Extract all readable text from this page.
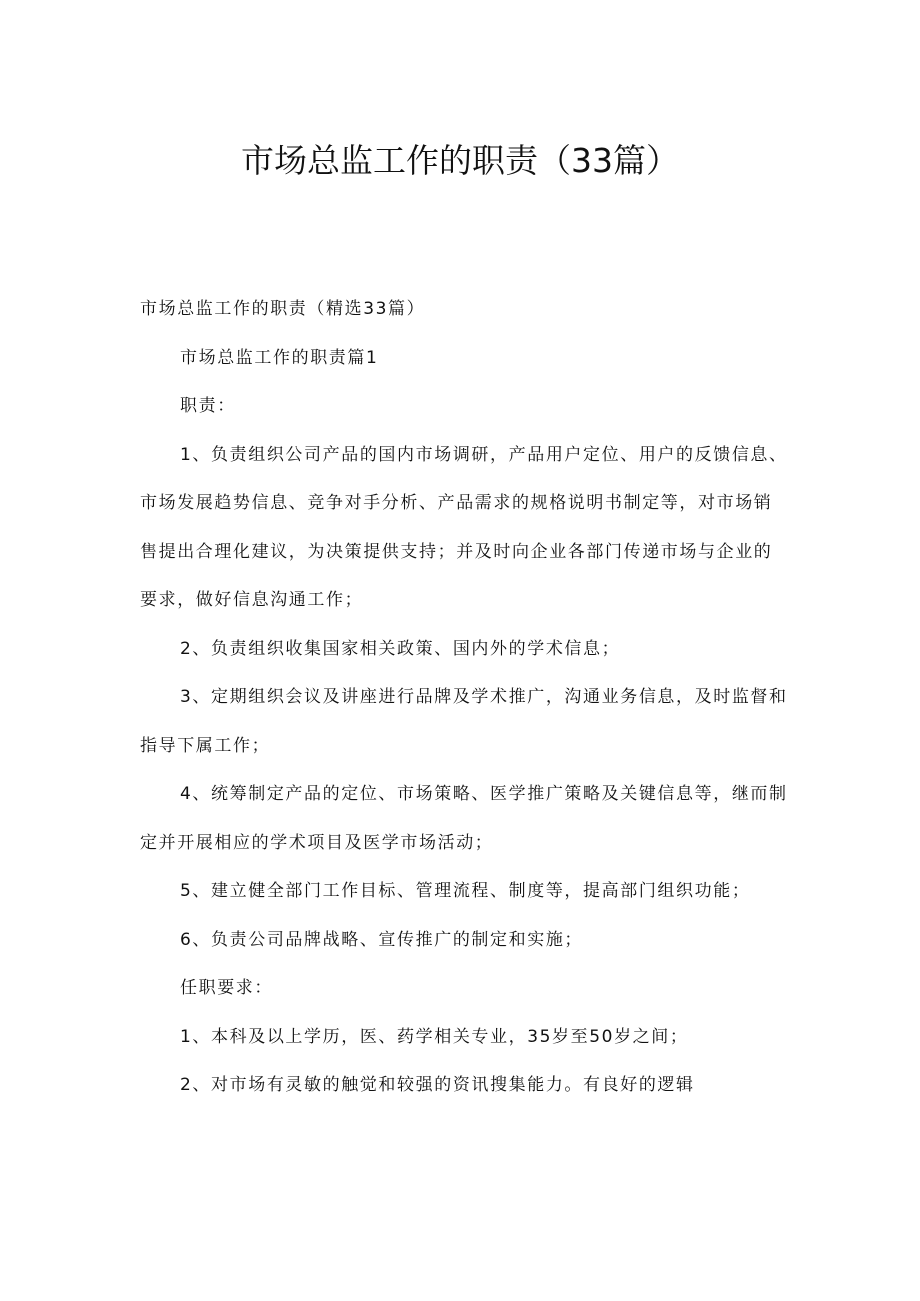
市场总监工作的职责（33篇）

市场总监工作的职责（精选33篇）

市场总监工作的职责篇1

职责：

1、负责组织公司产品的国内市场调研，产品用户定位、用户的反馈信息、市场发展趋势信息、竞争对手分析、产品需求的规格说明书制定等，对市场销售提出合理化建议，为决策提供支持；并及时向企业各部门传递市场与企业的要求，做好信息沟通工作；

2、负责组织收集国家相关政策、国内外的学术信息；

3、定期组织会议及讲座进行品牌及学术推广，沟通业务信息，及时监督和指导下属工作；

4、统筹制定产品的定位、市场策略、医学推广策略及关键信息等，继而制定并开展相应的学术项目及医学市场活动；

5、建立健全部门工作目标、管理流程、制度等，提高部门组织功能；

6、负责公司品牌战略、宣传推广的制定和实施；

任职要求：

1、本科及以上学历，医、药学相关专业，35岁至50岁之间；

2、对市场有灵敏的触觉和较强的资讯搜集能力。有良好的逻辑
